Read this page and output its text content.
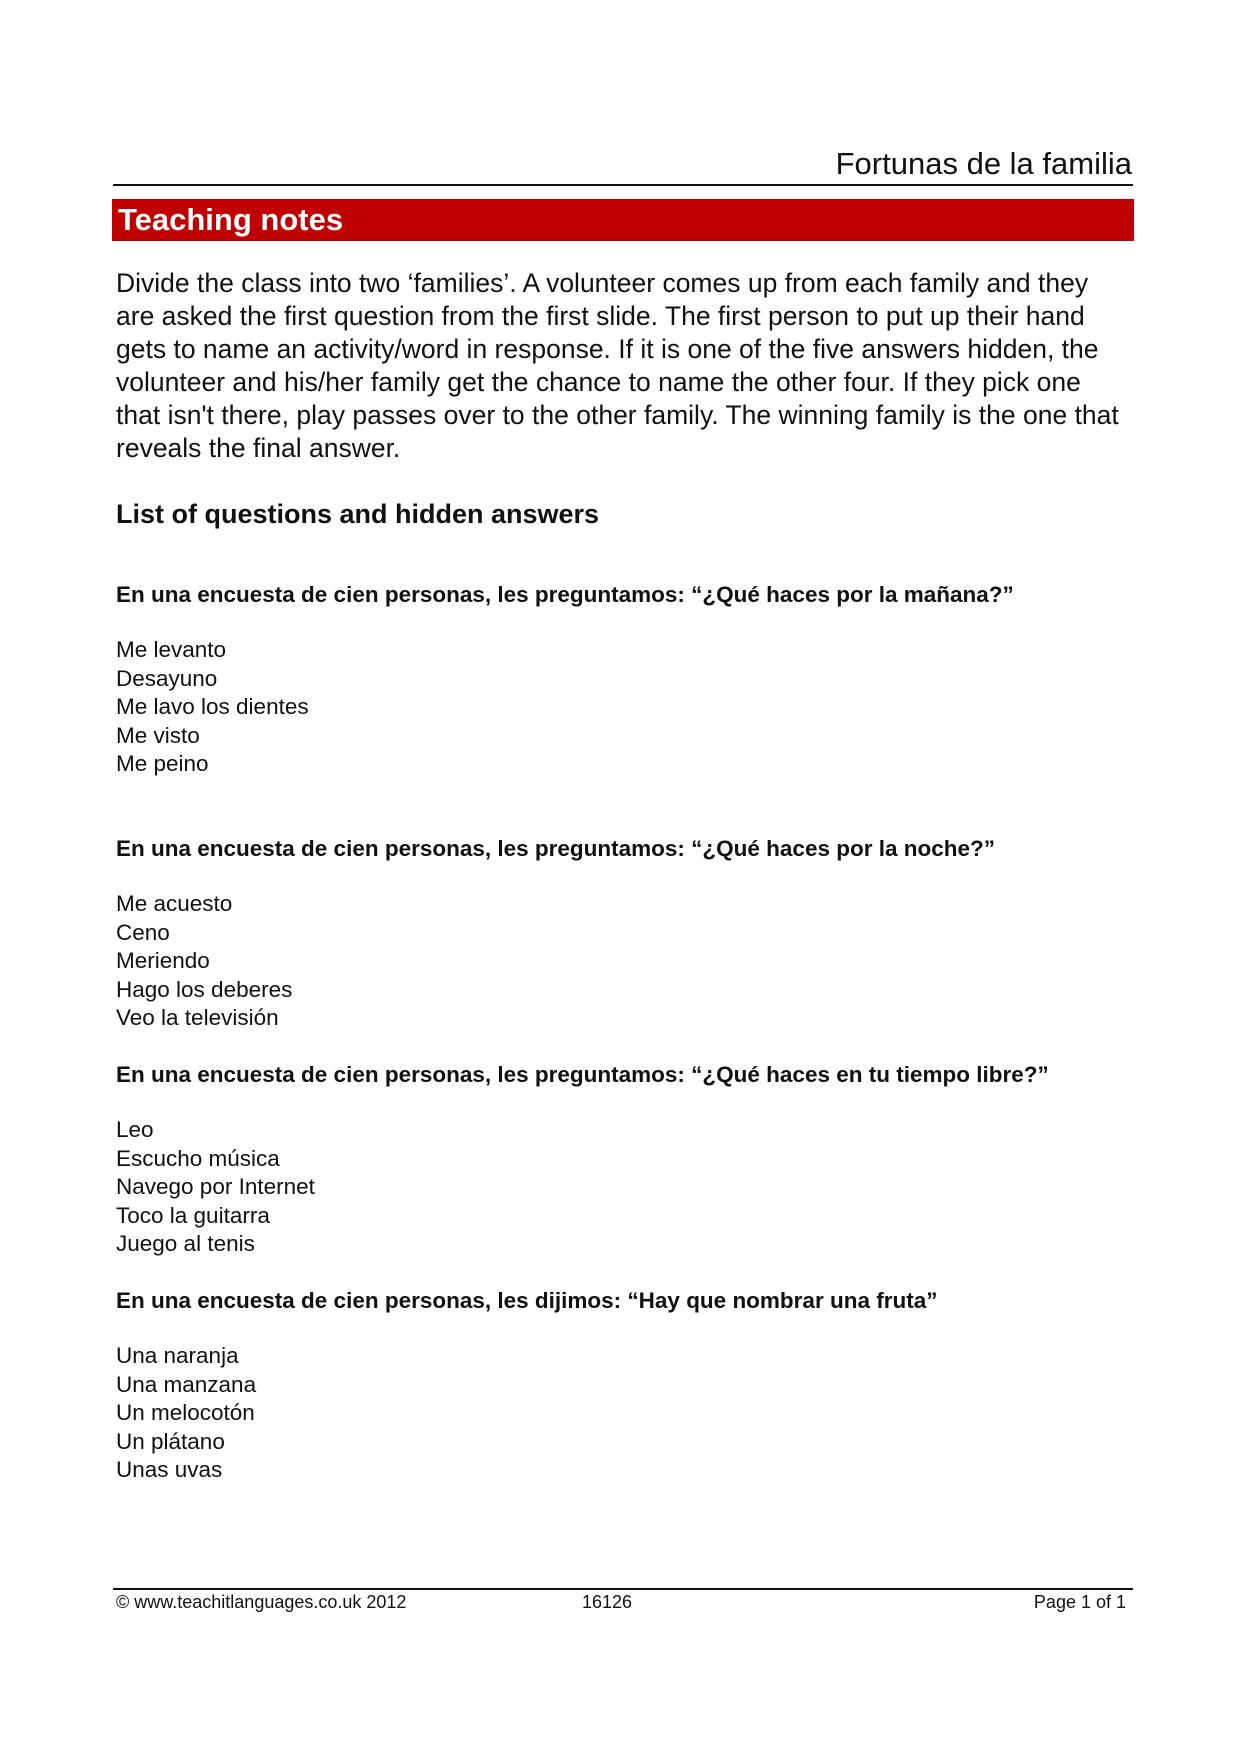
Fortunas de la familia
Teaching notes

Divide the class into two ‘families’. A volunteer comes up from each family and they are asked the first question from the first slide. The first person to put up their hand gets to name an activity/word in response. If it is one of the five answers hidden, the volunteer and his/her family get the chance to name the other four. If they pick one that isn't there, play passes over to the other family. The winning family is the one that reveals the final answer.

List of questions and hidden answers

En una encuesta de cien personas, les preguntamos: “¿Qué haces por la mañana?”

Me levanto
Desayuno
Me lavo los dientes
Me visto
Me peino

En una encuesta de cien personas, les preguntamos: “¿Qué haces por la noche?”

Me acuesto
Ceno
Meriendo
Hago los deberes
Veo la televisión

En una encuesta de cien personas, les preguntamos: “¿Qué haces en tu tiempo libre?”

Leo
Escucho música
Navego por Internet
Toco la guitarra
Juego al tenis

En una encuesta de cien personas, les dijimos: “Hay que nombrar una fruta”

Una naranja
Una manzana
Un melocotón
Un plátano
Unas uvas
© www.teachitlanguages.co.uk 2012	16126	Page 1 of 1
